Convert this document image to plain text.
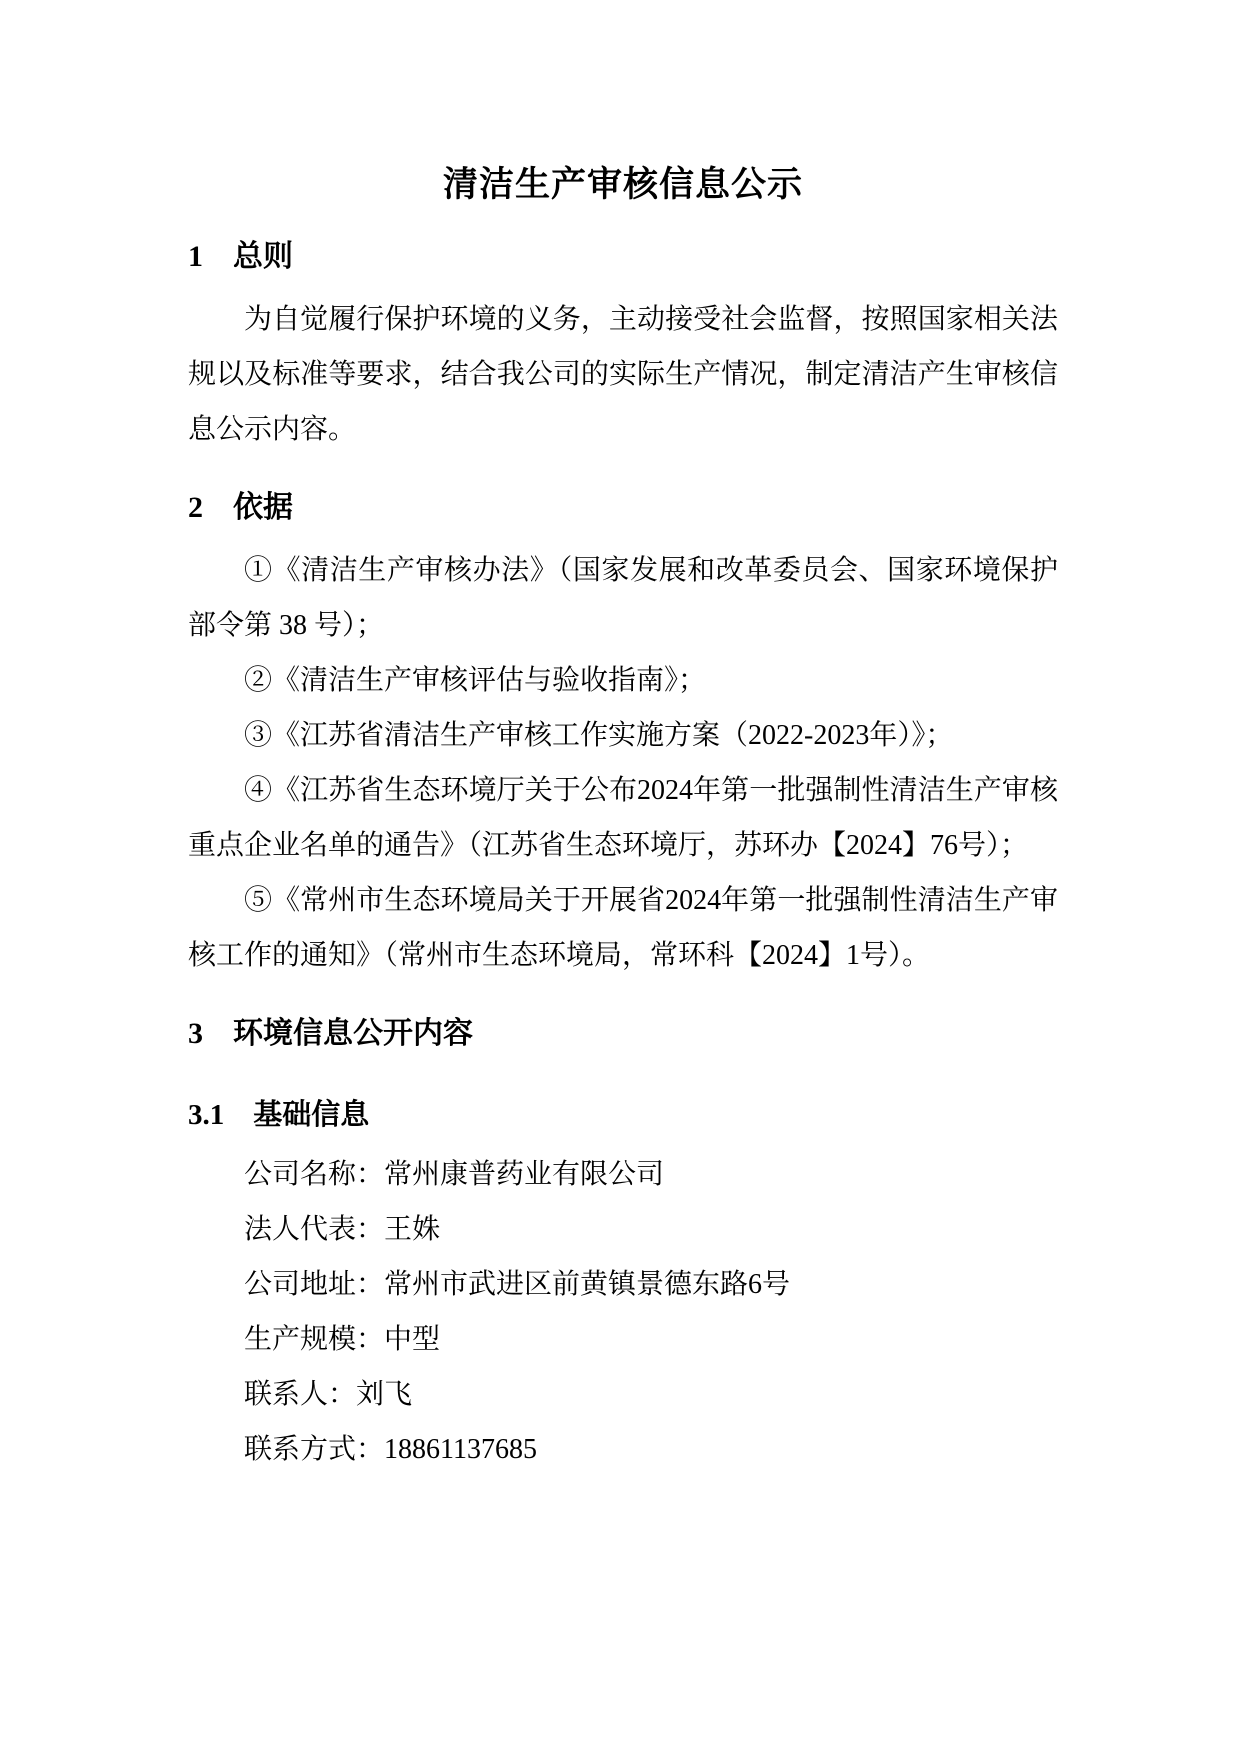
清洁生产审核信息公示
1　总则

为自觉履行保护环境的义务，主动接受社会监督，按照国家相关法规以及标准等要求，结合我公司的实际生产情况，制定清洁产生审核信息公示内容。

2　依据

①《清洁生产审核办法》（国家发展和改革委员会、国家环境保护部令第 38 号）；

②《清洁生产审核评估与验收指南》；

③《江苏省清洁生产审核工作实施方案（2022-2023年）》；

④《江苏省生态环境厅关于公布2024年第一批强制性清洁生产审核重点企业名单的通告》（江苏省生态环境厅，苏环办【2024】76号）；

⑤《常州市生态环境局关于开展省2024年第一批强制性清洁生产审核工作的通知》（常州市生态环境局，常环科【2024】1号）。

3　环境信息公开内容
3.1　基础信息

公司名称：常州康普药业有限公司

法人代表：王姝

公司地址：常州市武进区前黄镇景德东路6号

生产规模：中型

联系人：刘飞

联系方式：18861137685
